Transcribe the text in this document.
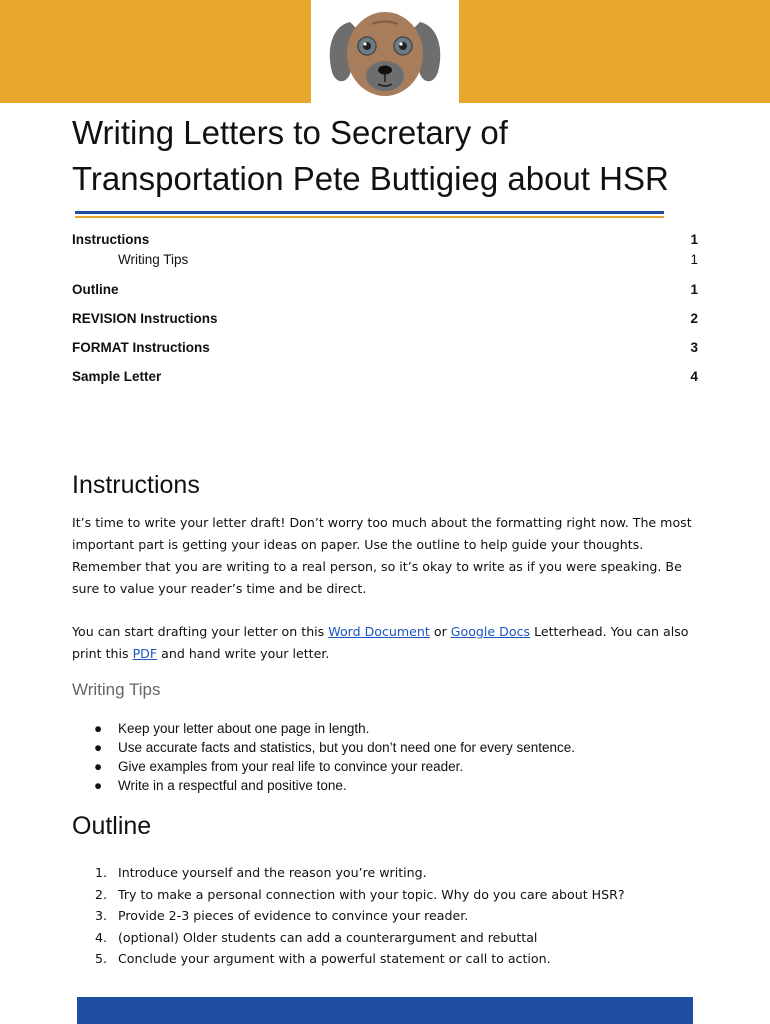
Writing Letters to Secretary of Transportation Pete Buttigieg about HSR
Instructions	1
Writing Tips	1
Outline	1
REVISION Instructions	2
FORMAT Instructions	3
Sample Letter	4
Instructions

It’s time to write your letter draft! Don’t worry too much about the formatting right now. The most important part is getting your ideas on paper. Use the outline to help guide your thoughts. Remember that you are writing to a real person, so it’s okay to write as if you were speaking. Be sure to value your reader’s time and be direct.

You can start drafting your letter on this Word Document or Google Docs Letterhead. You can also print this PDF and hand write your letter.

Writing Tips
● Keep your letter about one page in length.
● Use accurate facts and statistics, but you don’t need one for every sentence.
● Give examples from your real life to convince your reader.
● Write in a respectful and positive tone.
Outline
1. Introduce yourself and the reason you’re writing.
2. Try to make a personal connection with your topic. Why do you care about HSR?
3. Provide 2-3 pieces of evidence to convince your reader.
4. (optional) Older students can add a counterargument and rebuttal
5. Conclude your argument with a powerful statement or call to action.
